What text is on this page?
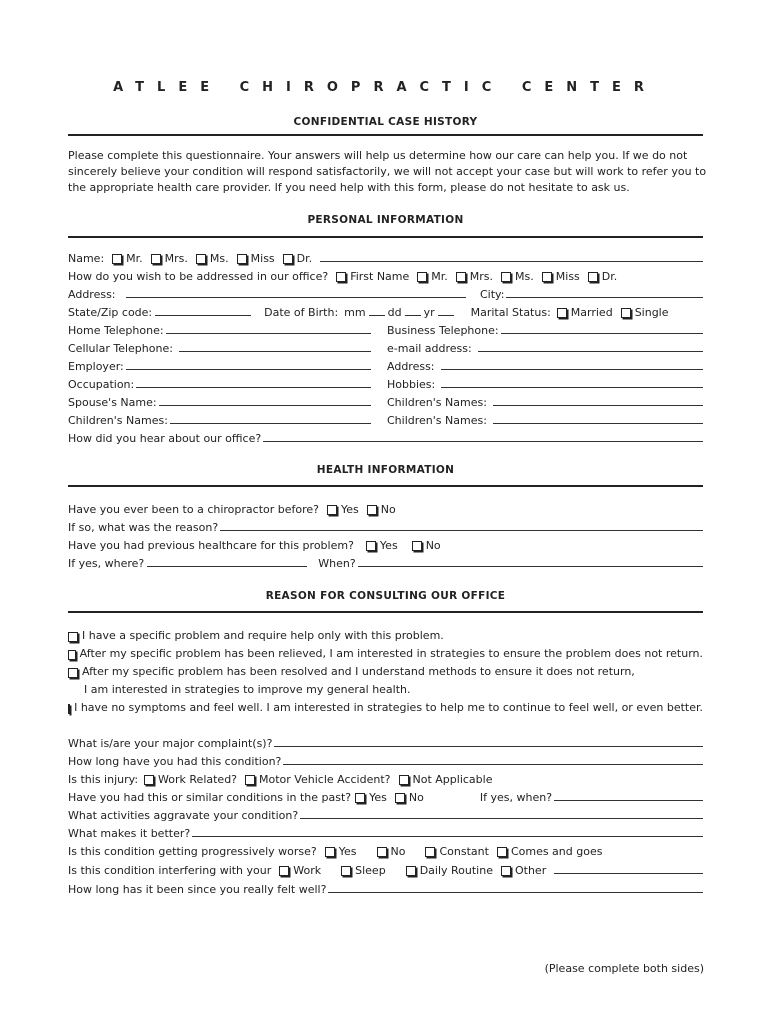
ATLEE CHIROPRACTIC CENTER
CONFIDENTIAL CASE HISTORY
Please complete this questionnaire. Your answers will help us determine how our care can help you. If we do not sincerely believe your condition will respond satisfactorily, we will not accept your case but will work to refer you to the appropriate health care provider. If you need help with this form, please do not hesitate to ask us.
PERSONAL INFORMATION
Name: Mr. Mrs. Ms. Miss Dr.
How do you wish to be addressed in our office? First Name Mr. Mrs. Ms. Miss Dr.
Address:	City:
State/Zip code:	Date of Birth: mm dd yr	Marital Status: Married Single
Home Telephone:	Business Telephone:
Cellular Telephone:	e-mail address:
Employer:	Address:
Occupation:	Hobbies:
Spouse's Name:	Children's Names:
Children's Names:	Children's Names:
How did you hear about our office?
HEALTH INFORMATION
Have you ever been to a chiropractor before? Yes No
If so, what was the reason?
Have you had previous healthcare for this problem? Yes	No
If yes, where?	When?
REASON FOR CONSULTING OUR OFFICE
I have a specific problem and require help only with this problem.
After my specific problem has been relieved, I am interested in strategies to ensure the problem does not return.
After my specific problem has been resolved and I understand methods to ensure it does not return,
I am interested in strategies to improve my general health.
I have no symptoms and feel well. I am interested in strategies to help me to continue to feel well, or even better.
What is/are your major complaint(s)?
How long have you had this condition?
Is this injury: Work Related? Motor Vehicle Accident? Not Applicable
Have you had this or similar conditions in the past? Yes No	If yes, when?
What activities aggravate your condition?
What makes it better?
Is this condition getting progressively worse? Yes	No	Constant Comes and goes
Is this condition interfering with your Work	Sleep	Daily Routine Other
How long has it been since you really felt well?
(Please complete both sides)
